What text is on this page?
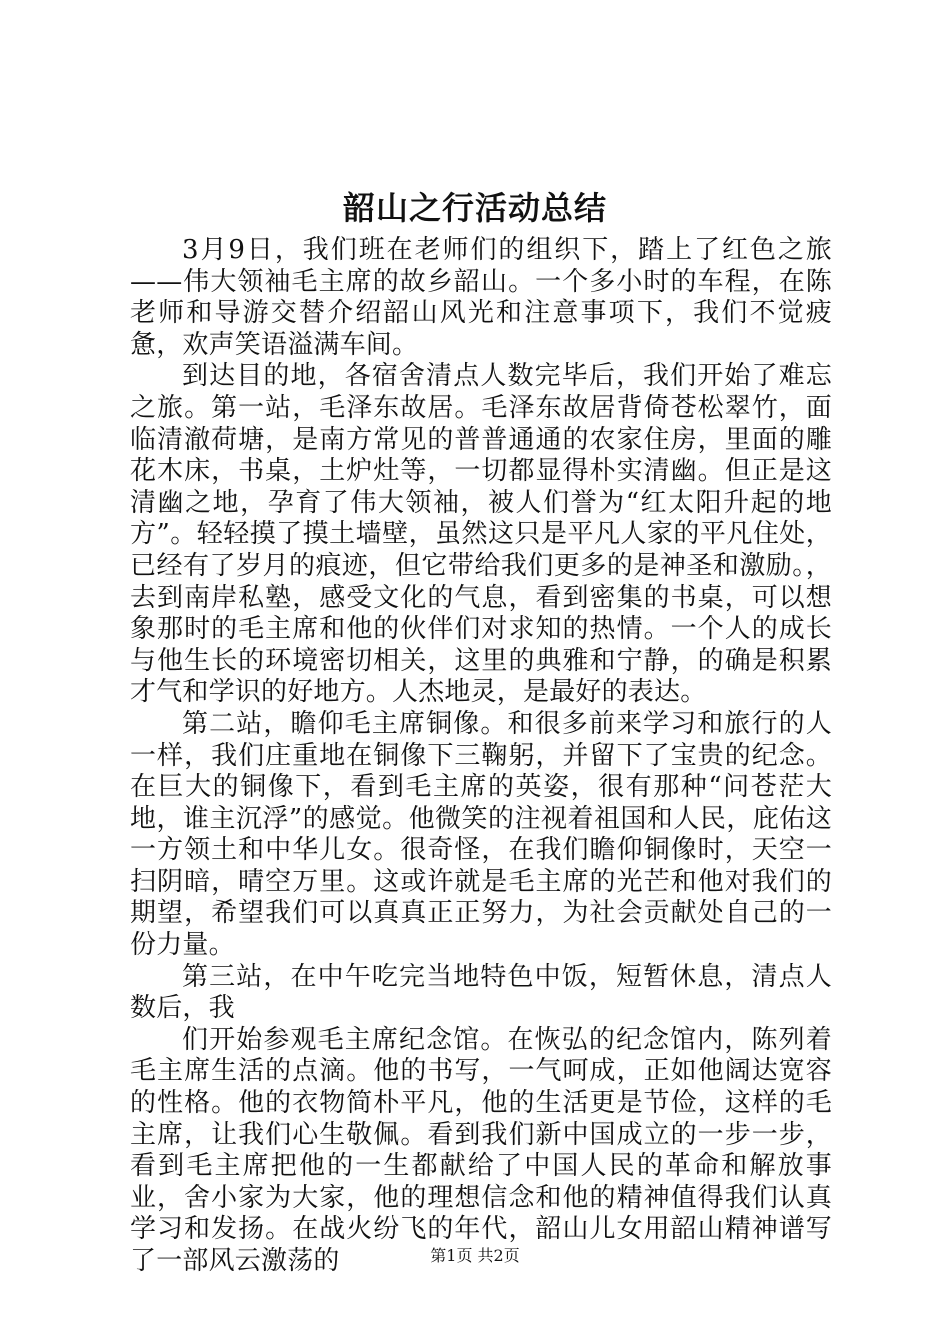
韶山之行活动总结

3月9日，我们班在老师们的组织下，踏上了红色之旅——伟大领袖毛主席的故乡韶山。一个多小时的车程，在陈老师和导游交替介绍韶山风光和注意事项下，我们不觉疲惫，欢声笑语溢满车间。

到达目的地，各宿舍清点人数完毕后，我们开始了难忘之旅。第一站，毛泽东故居。毛泽东故居背倚苍松翠竹，面临清澈荷塘，是南方常见的普普通通的农家住房，里面的雕花木床，书桌，土炉灶等，一切都显得朴实清幽。但正是这清幽之地，孕育了伟大领袖，被人们誉为“红太阳升起的地方”。轻轻摸了摸土墙壁，虽然这只是平凡人家的平凡住处，已经有了岁月的痕迹，但它带给我们更多的是神圣和激励。，去到南岸私塾，感受文化的气息，看到密集的书桌，可以想象那时的毛主席和他的伙伴们对求知的热情。一个人的成长与他生长的环境密切相关，这里的典雅和宁静，的确是积累才气和学识的好地方。人杰地灵，是最好的表达。

第二站，瞻仰毛主席铜像。和很多前来学习和旅行的人一样，我们庄重地在铜像下三鞠躬，并留下了宝贵的纪念。在巨大的铜像下，看到毛主席的英姿，很有那种“问苍茫大地，谁主沉浮”的感觉。他微笑的注视着祖国和人民，庇佑这一方领土和中华儿女。很奇怪，在我们瞻仰铜像时，天空一扫阴暗，晴空万里。这或许就是毛主席的光芒和他对我们的期望，希望我们可以真真正正努力，为社会贡献处自己的一份力量。

第三站，在中午吃完当地特色中饭，短暂休息，清点人数后，我

们开始参观毛主席纪念馆。在恢弘的纪念馆内，陈列着毛主席生活的点滴。他的书写，一气呵成，正如他阔达宽容的性格。他的衣物简朴平凡，他的生活更是节俭，这样的毛主席，让我们心生敬佩。看到我们新中国成立的一步一步，看到毛主席把他的一生都献给了中国人民的革命和解放事业，舍小家为大家，他的理想信念和他的精神值得我们认真学习和发扬。在战火纷飞的年代，韶山儿女用韶山精神谱写了一部风云激荡的	第1页 共2页
